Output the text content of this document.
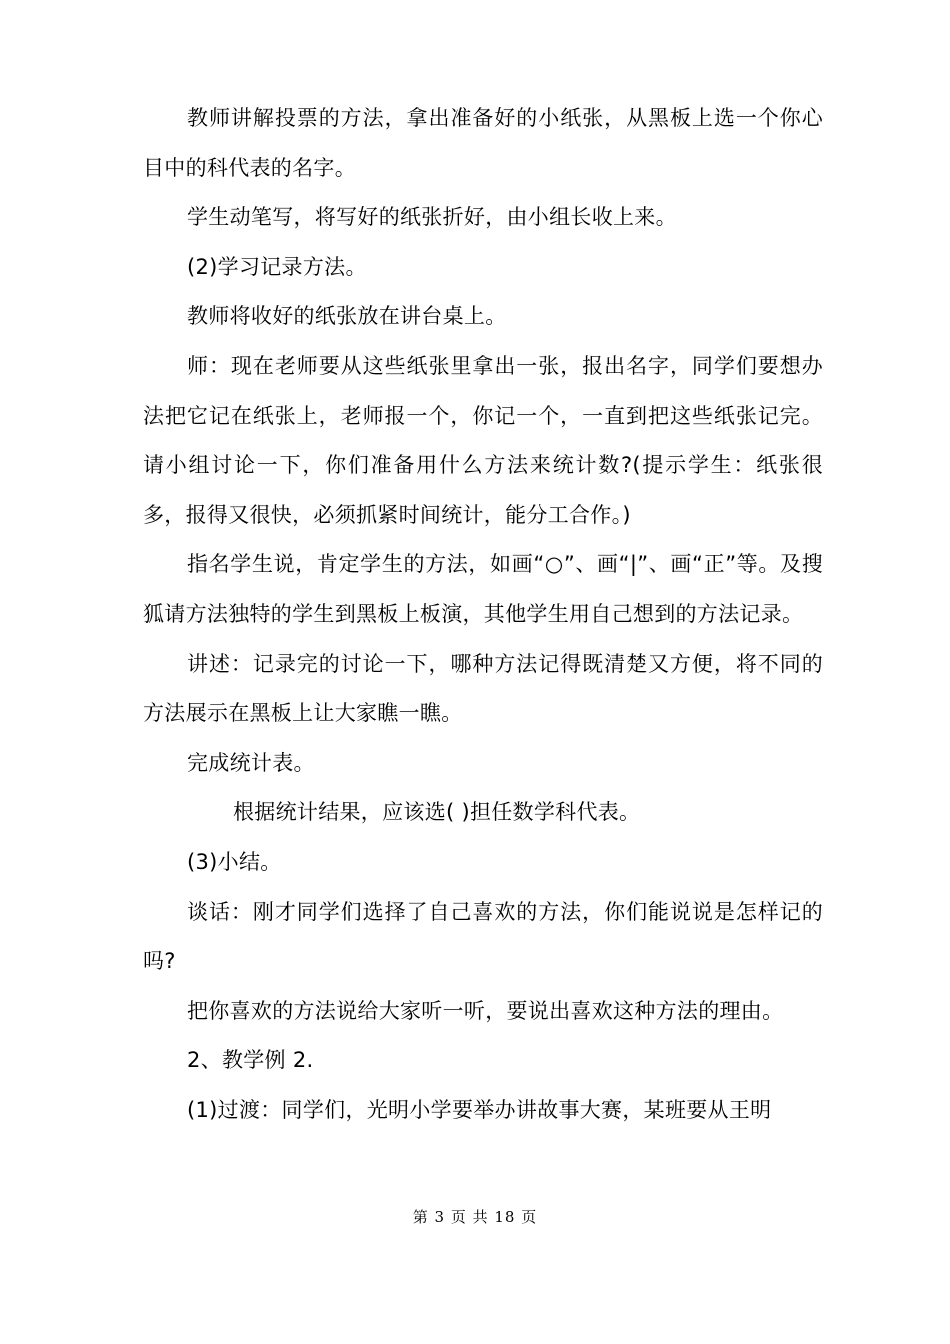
教师讲解投票的方法，拿出准备好的小纸张，从黑板上选一个你心目中的科代表的名字。

学生动笔写，将写好的纸张折好，由小组长收上来。

(2)学习记录方法。

教师将收好的纸张放在讲台桌上。

师：现在老师要从这些纸张里拿出一张，报出名字，同学们要想办法把它记在纸张上，老师报一个，你记一个，一直到把这些纸张记完。请小组讨论一下，你们准备用什么方法来统计数?(提示学生：纸张很多，报得又很快，必须抓紧时间统计，能分工合作。)

指名学生说，肯定学生的方法，如画“○”、画“|”、画“正”等。及搜狐请方法独特的学生到黑板上板演，其他学生用自己想到的方法记录。

讲述：记录完的讨论一下，哪种方法记得既清楚又方便，将不同的方法展示在黑板上让大家瞧一瞧。

完成统计表。

根据统计结果，应该选( )担任数学科代表。

(3)小结。

谈话：刚才同学们选择了自己喜欢的方法，你们能说说是怎样记的吗?

把你喜欢的方法说给大家听一听，要说出喜欢这种方法的理由。

2、教学例 2.

(1)过渡：同学们，光明小学要举办讲故事大赛，某班要从王明

第 3 页 共 18 页
